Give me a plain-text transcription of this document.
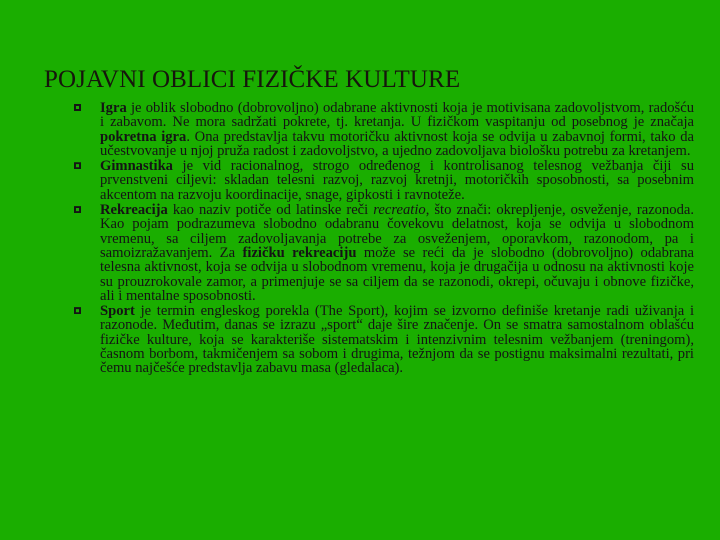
POJAVNI OBLICI FIZIČKE KULTURE
Igra je oblik slobodno (dobrovoljno) odabrane aktivnosti koja je motivisana zadovoljstvom, radošću i zabavom. Ne mora sadržati pokrete, tj. kretanja. U fizičkom vaspitanju od posebnog je značaja pokretna igra. Ona predstavlja takvu motoričku aktivnost koja se odvija u zabavnoj formi, tako da učestvovanje u njoj pruža radost i zadovoljstvo, a ujedno zadovoljava biološku potrebu za kretanjem.
Gimnastika je vid racionalnog, strogo određenog i kontrolisanog telesnog vežbanja čiji su prvenstveni ciljevi: skladan telesni razvoj, razvoj kretnji, motoričkih sposobnosti, sa posebnim akcentom na razvoju koordinacije, snage, gipkosti i ravnoteže.
Rekreacija kao naziv potiče od latinske reči recreatio, što znači: okrepljenje, osveženje, razonoda. Kao pojam podrazumeva slobodno odabranu čovekovu delatnost, koja se odvija u slobodnom vremenu, sa ciljem zadovoljavanja potrebe za osveženjem, oporavkom, razonodom, pa i samoizražavanjem. Za fizičku rekreaciju može se reći da je slobodno (dobrovoljno) odabrana telesna aktivnost, koja se odvija u slobodnom vremenu, koja je drugačija u odnosu na aktivnosti koje su prouzrokovale zamor, a primenjuje se sa ciljem da se razonodi, okrepi, očuvaju i obnove fizičke, ali i mentalne sposobnosti.
Sport je termin engleskog porekla (The Sport), kojim se izvorno definiše kretanje radi uživanja i razonode. Međutim, danas se izrazu „sport“ daje šire značenje. On se smatra samostalnom oblašću fizičke kulture, koja se karakteriše sistematskim i intenzivnim telesnim vežbanjem (treningom), časnom borbom, takmičenjem sa sobom i drugima, težnjom da se postignu maksimalni rezultati, pri čemu najčešće predstavlja zabavu masa (gledalaca).
